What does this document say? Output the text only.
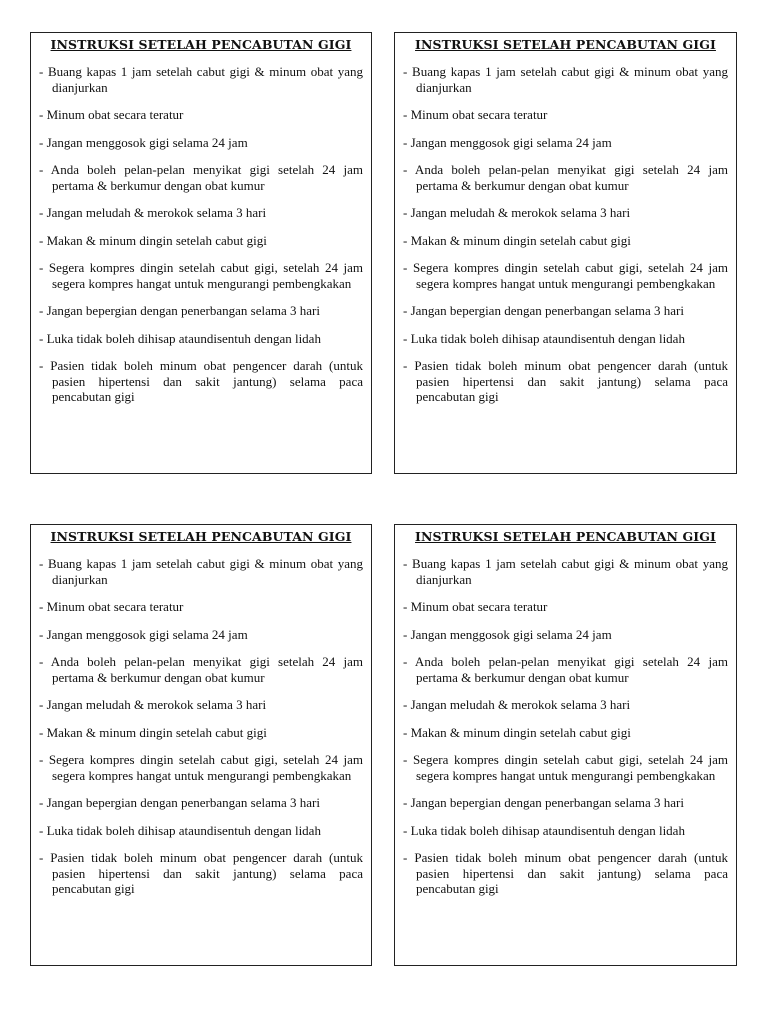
INSTRUKSI SETELAH PENCABUTAN GIGI
- Buang kapas 1 jam setelah cabut gigi & minum obat yang dianjurkan
- Minum obat secara teratur
- Jangan menggosok gigi selama 24 jam
- Anda boleh pelan-pelan menyikat gigi setelah 24 jam pertama & berkumur dengan obat kumur
- Jangan meludah & merokok selama 3 hari
- Makan & minum dingin setelah cabut gigi
- Segera kompres dingin setelah cabut gigi, setelah 24 jam segera kompres hangat untuk mengurangi pembengkakan
- Jangan bepergian dengan penerbangan selama 3 hari
- Luka tidak boleh dihisap ataundisentuh dengan lidah
- Pasien tidak boleh minum obat pengencer darah (untuk pasien hipertensi dan sakit jantung) selama paca pencabutan gigi
INSTRUKSI SETELAH PENCABUTAN GIGI
- Buang kapas 1 jam setelah cabut gigi & minum obat yang dianjurkan
- Minum obat secara teratur
- Jangan menggosok gigi selama 24 jam
- Anda boleh pelan-pelan menyikat gigi setelah 24 jam pertama & berkumur dengan obat kumur
- Jangan meludah & merokok selama 3 hari
- Makan & minum dingin setelah cabut gigi
- Segera kompres dingin setelah cabut gigi, setelah 24 jam segera kompres hangat untuk mengurangi pembengkakan
- Jangan bepergian dengan penerbangan selama 3 hari
- Luka tidak boleh dihisap ataundisentuh dengan lidah
- Pasien tidak boleh minum obat pengencer darah (untuk pasien hipertensi dan sakit jantung) selama paca pencabutan gigi
INSTRUKSI SETELAH PENCABUTAN GIGI
- Buang kapas 1 jam setelah cabut gigi & minum obat yang dianjurkan
- Minum obat secara teratur
- Jangan menggosok gigi selama 24 jam
- Anda boleh pelan-pelan menyikat gigi setelah 24 jam pertama & berkumur dengan obat kumur
- Jangan meludah & merokok selama 3 hari
- Makan & minum dingin setelah cabut gigi
- Segera kompres dingin setelah cabut gigi, setelah 24 jam segera kompres hangat untuk mengurangi pembengkakan
- Jangan bepergian dengan penerbangan selama 3 hari
- Luka tidak boleh dihisap ataundisentuh dengan lidah
- Pasien tidak boleh minum obat pengencer darah (untuk pasien hipertensi dan sakit jantung) selama paca pencabutan gigi
INSTRUKSI SETELAH PENCABUTAN GIGI
- Buang kapas 1 jam setelah cabut gigi & minum obat yang dianjurkan
- Minum obat secara teratur
- Jangan menggosok gigi selama 24 jam
- Anda boleh pelan-pelan menyikat gigi setelah 24 jam pertama & berkumur dengan obat kumur
- Jangan meludah & merokok selama 3 hari
- Makan & minum dingin setelah cabut gigi
- Segera kompres dingin setelah cabut gigi, setelah 24 jam segera kompres hangat untuk mengurangi pembengkakan
- Jangan bepergian dengan penerbangan selama 3 hari
- Luka tidak boleh dihisap ataundisentuh dengan lidah
- Pasien tidak boleh minum obat pengencer darah (untuk pasien hipertensi dan sakit jantung) selama paca pencabutan gigi
